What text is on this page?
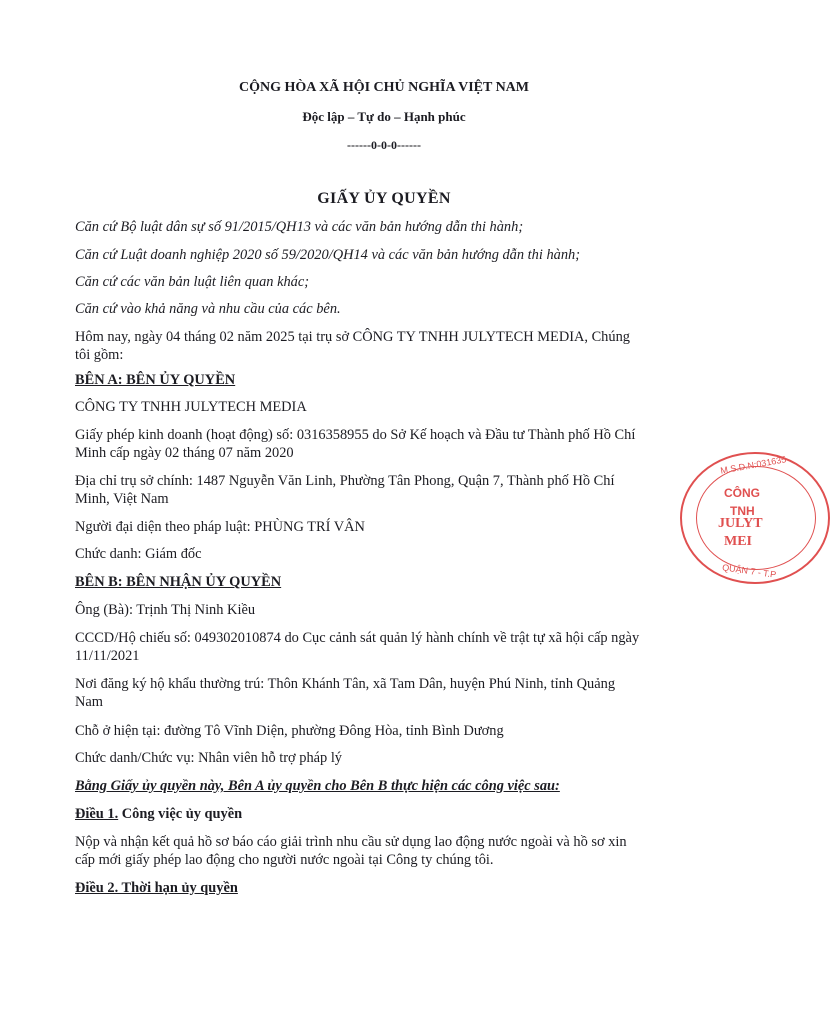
CỘNG HÒA XÃ HỘI CHỦ NGHĨA VIỆT NAM
Độc lập – Tự do – Hạnh phúc
------0-0-0------
GIẤY ỦY QUYỀN
Căn cứ Bộ luật dân sự số 91/2015/QH13 và các văn bản hướng dẫn thi hành;
Căn cứ Luật doanh nghiệp 2020 số 59/2020/QH14 và các văn bản hướng dẫn thi hành;
Căn cứ các văn bản luật liên quan khác;
Căn cứ vào khả năng và nhu cầu của các bên.
Hôm nay, ngày 04 tháng 02 năm 2025 tại trụ sở CÔNG TY TNHH JULYTECH MEDIA, Chúng tôi gồm:
BÊN A: BÊN ỦY QUYỀN
CÔNG TY TNHH JULYTECH MEDIA
Giấy phép kinh doanh (hoạt động) số: 0316358955 do Sở Kế hoạch và Đầu tư Thành phố Hồ Chí Minh cấp ngày 02 tháng 07 năm 2020
Địa chỉ trụ sở chính: 1487 Nguyễn Văn Linh, Phường Tân Phong, Quận 7, Thành phố Hồ Chí Minh, Việt Nam
Người đại diện theo pháp luật: PHÙNG TRÍ VÂN
Chức danh: Giám đốc
BÊN B: BÊN NHẬN ỦY QUYỀN
Ông (Bà): Trịnh Thị Ninh Kiều
CCCD/Hộ chiếu số: 049302010874 do Cục cảnh sát quản lý hành chính về trật tự xã hội cấp ngày 11/11/2021
Nơi đăng ký hộ khẩu thường trú: Thôn Khánh Tân, xã Tam Dân, huyện Phú Ninh, tỉnh Quảng Nam
Chỗ ở hiện tại: đường Tô Vĩnh Diện, phường Đông Hòa, tỉnh Bình Dương
Chức danh/Chức vụ: Nhân viên hỗ trợ pháp lý
Bằng Giấy ủy quyền này, Bên A ủy quyền cho Bên B thực hiện các công việc sau:
Điều 1. Công việc ủy quyền
Nộp và nhận kết quả hồ sơ báo cáo giải trình nhu cầu sử dụng lao động nước ngoài và hồ sơ xin cấp mới giấy phép lao động cho người nước ngoài tại Công ty chúng tôi.
Điều 2. Thời hạn ủy quyền
M.S.D.N:031635
CÔNG
TNH
JULYT
MEI
QUẬN 7 - T.P
